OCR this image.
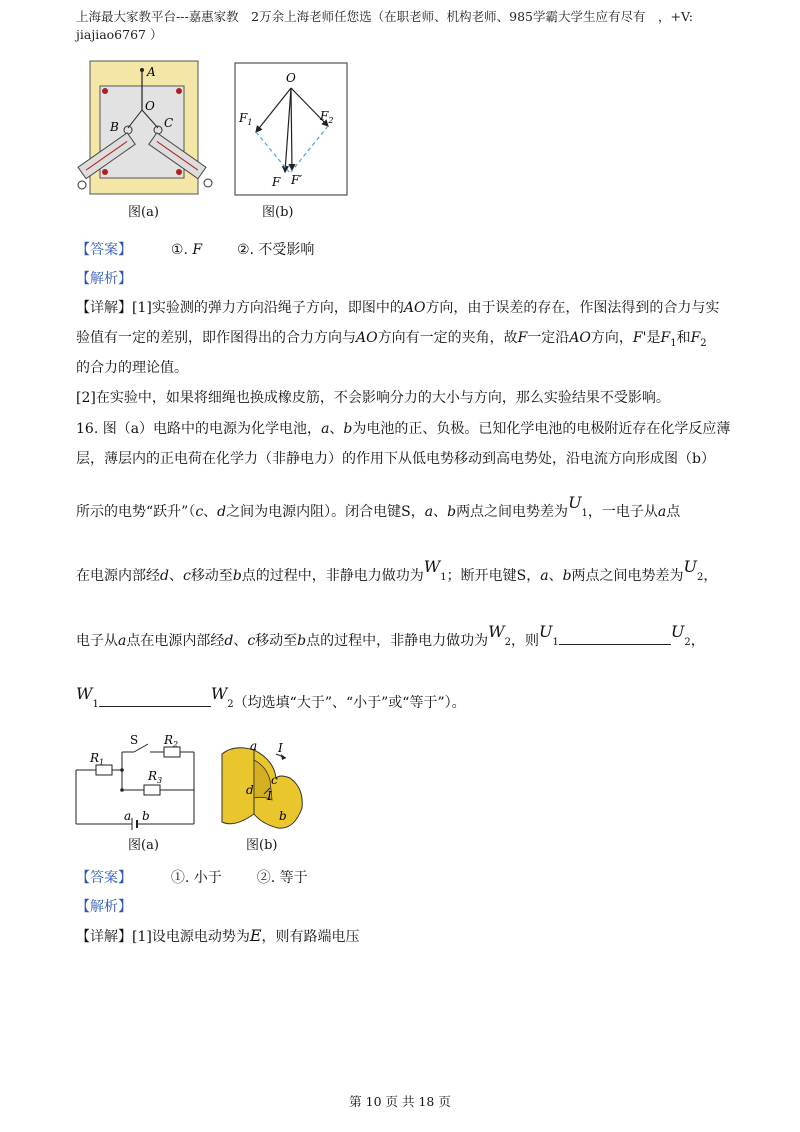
上海最大家教平台---嘉惠家教　2万余上海老师任您选（在职老师、机构老师、985学霸大学生应有尽有　，+V: jiajiao6767 ）
A
O
B	C
图(a)
O
$F_1$	$F_2$
F F′
图(b)
【答案】	①. F ②. 不受影响
【解析】
【详解】[1]实验测的弹力方向沿绳子方向，即图中的AO方向，由于误差的存在，作图法得到的合力与实
验值有一定的差别，即作图得出的合力方向与AO方向有一定的夹角，故F一定沿AO方向，F'是$F_1$和$F_2$
的合力的理论值。
[2]在实验中，如果将细绳也换成橡皮筋，不会影响分力的大小与方向，那么实验结果不受影响。
16. 图（a）电路中的电源为化学电池，a、b为电池的正、负极。已知化学电池的电极附近存在化学反应薄
层，薄层内的正电荷在化学力（非静电力）的作用下从低电势移动到高电势处，沿电流方向形成图（b）
所示的电势“跃升”（c、d之间为电源内阻）。闭合电键S，a、b两点之间电势差为$U_1$，一电子从a点
在电源内部经d、c移动至b点的过程中，非静电力做功为$W_1$；断开电键S，a、b两点之间电势差为$U_2$，
电子从a点在电源内部经d、c移动至b点的过程中，非静电力做功为$W_2$，则$U_1U_2$，
$W_1W_2$（均选填“大于”、“小于”或“等于”）。
S
$R_1$
$R_2$
$R_3$
a b
图(a)
a I
c
d I
b
图(b)
【答案】	①. 小于 ②. 等于
【解析】
【详解】[1]设电源电动势为E，则有路端电压
第 10 页 共 18 页
